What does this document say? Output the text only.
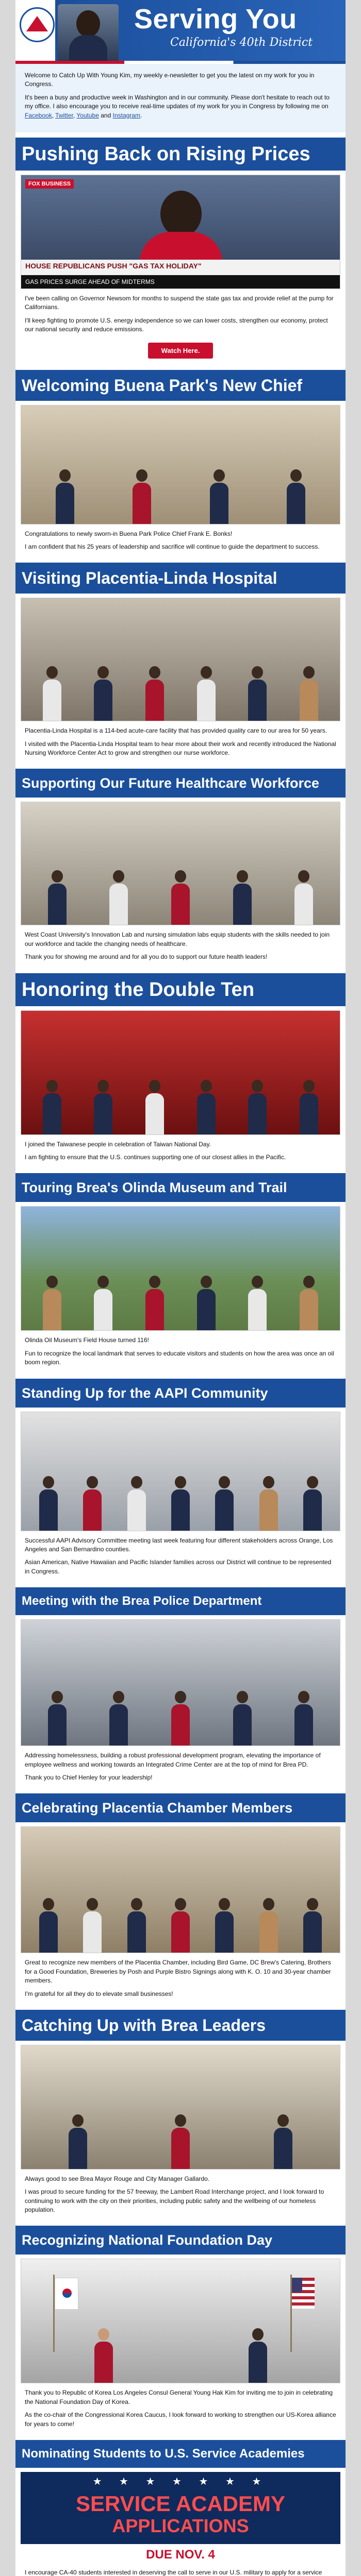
Serving You
California's 40th District

Welcome to Catch Up With Young Kim, my weekly e-newsletter to get you the latest on my work for you in Congress.

It's been a busy and productive week in Washington and in our community. Please don't hesitate to reach out to my office. I also encourage you to receive real-time updates of my work for you in Congress by following me on Facebook, Twitter, Youtube and Instagram.

Pushing Back on Rising Prices
FOX BUSINESS
HOUSE REPUBLICANS PUSH "GAS TAX HOLIDAY"
GAS PRICES SURGE AHEAD OF MIDTERMS

I've been calling on Governor Newsom for months to suspend the state gas tax and provide relief at the pump for Californians.

I'll keep fighting to promote U.S. energy independence so we can lower costs, strengthen our economy, protect our national security and reduce emissions.

Watch Here.
Welcoming Buena Park's New Chief

Congratulations to newly sworn-in Buena Park Police Chief Frank E. Bonks!

I am confident that his 25 years of leadership and sacrifice will continue to guide the department to success.

Visiting Placentia-Linda Hospital

Placentia-Linda Hospital is a 114-bed acute-care facility that has provided quality care to our area for 50 years.

I visited with the Placentia-Linda Hospital team to hear more about their work and recently introduced the National Nursing Workforce Center Act to grow and strengthen our nurse workforce.

Supporting Our Future Healthcare Workforce

West Coast University's Innovation Lab and nursing simulation labs equip students with the skills needed to join our workforce and tackle the changing needs of healthcare.

Thank you for showing me around and for all you do to support our future health leaders!

Honoring the Double Ten

I joined the Taiwanese people in celebration of Taiwan National Day.

I am fighting to ensure that the U.S. continues supporting one of our closest allies in the Pacific.

Touring Brea's Olinda Museum and Trail

Olinda Oil Museum's Field House turned 116!

Fun to recognize the local landmark that serves to educate visitors and students on how the area was once an oil boom region.

Standing Up for the AAPI Community

Successful AAPI Advisory Committee meeting last week featuring four different stakeholders across Orange, Los Angeles and San Bernardino counties.

Asian American, Native Hawaiian and Pacific Islander families across our District will continue to be represented in Congress.

Meeting with the Brea Police Department

Addressing homelessness, building a robust professional development program, elevating the importance of employee wellness and working towards an Integrated Crime Center are at the top of mind for Brea PD.

Thank you to Chief Henley for your leadership!

Celebrating Placentia Chamber Members

Great to recognize new members of the Placentia Chamber, including Bird Game, DC Brew's Catering, Brothers for a Good Foundation, Breweries by Posh and Purple Bistro Signings along with K. O. 10 and 30-year chamber members.

I'm grateful for all they do to elevate small businesses!

Catching Up with Brea Leaders

Always good to see Brea Mayor Rouge and City Manager Gallardo.

I was proud to secure funding for the 57 freeway, the Lambert Road Interchange project, and I look forward to continuing to work with the city on their priorities, including public safety and the wellbeing of our homeless population.

Recognizing National Foundation Day

Thank you to Republic of Korea Los Angeles Consul General Young Hak Kim for inviting me to join in celebrating the National Foundation Day of Korea.

As the co-chair of the Congressional Korea Caucus, I look forward to working to strengthen our US-Korea alliance for years to come!

Nominating Students to U.S. Service Academies
★ ★ ★ ★ ★ ★ ★
SERVICE ACADEMY
APPLICATIONS

DUE NOV. 4

I encourage CA-40 students interested in deserving the call to serve in our U.S. military to apply for a service
